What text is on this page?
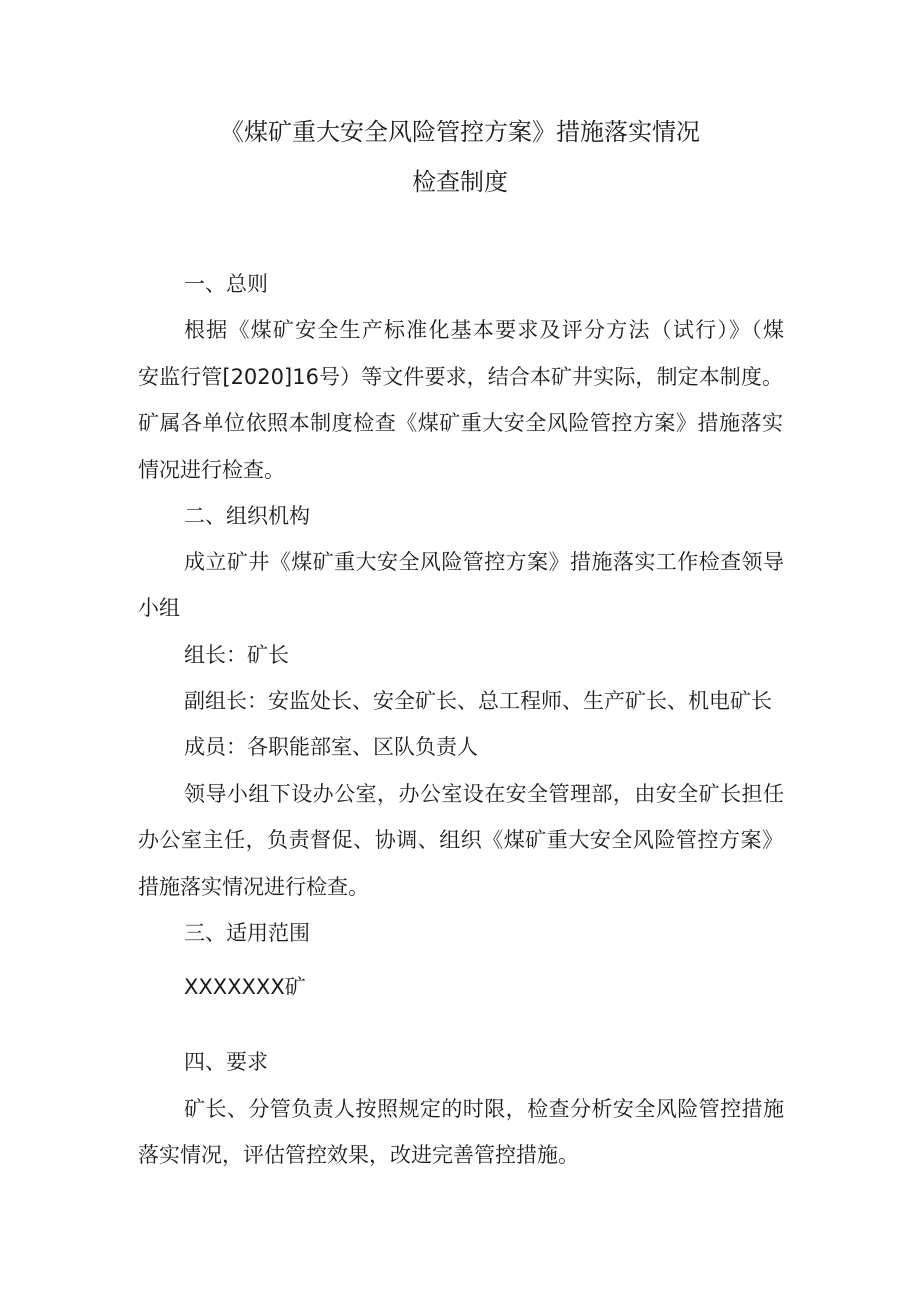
《煤矿重大安全风险管控方案》措施落实情况
检查制度
一、总则
根据《煤矿安全生产标准化基本要求及评分方法（试行）》（煤
安监行管[2020]16号）等文件要求，结合本矿井实际，制定本制度。
矿属各单位依照本制度检查《煤矿重大安全风险管控方案》措施落实
情况进行检查。
二、组织机构
成立矿井《煤矿重大安全风险管控方案》措施落实工作检查领导
小组
组长：矿长
副组长：安监处长、安全矿长、总工程师、生产矿长、机电矿长
成员：各职能部室、区队负责人
领导小组下设办公室，办公室设在安全管理部，由安全矿长担任
办公室主任，负责督促、协调、组织《煤矿重大安全风险管控方案》
措施落实情况进行检查。
三、适用范围
XXXXXXX矿
四、要求
矿长、分管负责人按照规定的时限，检查分析安全风险管控措施
落实情况，评估管控效果，改进完善管控措施。
